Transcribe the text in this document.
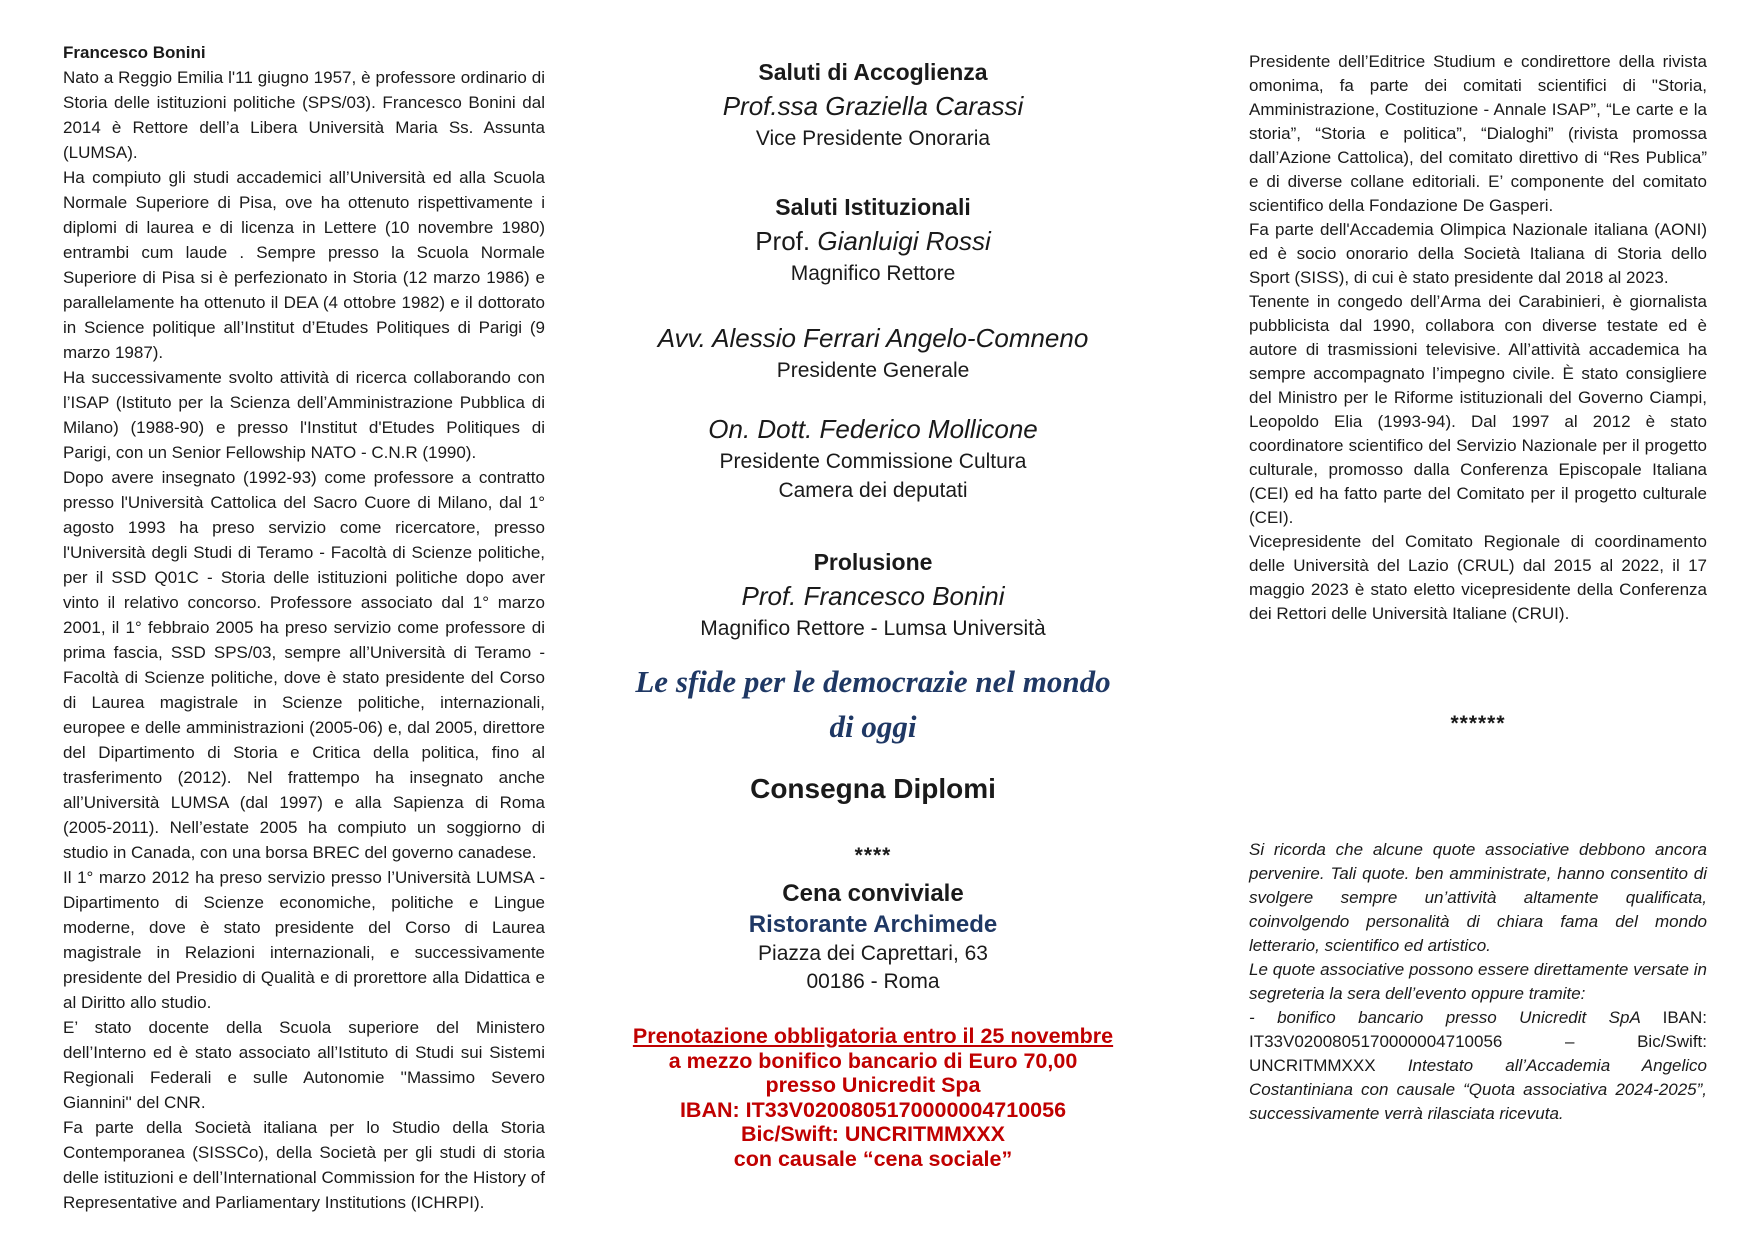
Francesco Bonini

Nato a Reggio Emilia l'11 giugno 1957, è professore ordinario di Storia delle istituzioni politiche (SPS/03). Francesco Bonini dal 2014 è Rettore dell’a Libera Università Maria Ss. Assunta (LUMSA).

Ha compiuto gli studi accademici all’Università ed alla Scuola Normale Superiore di Pisa, ove ha ottenuto rispettivamente i diplomi di laurea e di licenza in Lettere (10 novembre 1980) entrambi cum laude . Sempre presso la Scuola Normale Superiore di Pisa si è perfezionato in Storia (12 marzo 1986) e parallelamente ha ottenuto il DEA (4 ottobre 1982) e il dottorato in Science politique all’Institut d’Etudes Politiques di Parigi (9 marzo 1987).

Ha successivamente svolto attività di ricerca collaborando con l’ISAP (Istituto per la Scienza dell’Amministrazione Pubblica di Milano) (1988-90) e presso l'Institut d'Etudes Politiques di Parigi, con un Senior Fellowship NATO - C.N.R (1990).

Dopo avere insegnato (1992-93) come professore a contratto presso l'Università Cattolica del Sacro Cuore di Milano, dal 1° agosto 1993 ha preso servizio come ricercatore, presso l'Università degli Studi di Teramo - Facoltà di Scienze politiche, per il SSD Q01C - Storia delle istituzioni politiche dopo aver vinto il relativo concorso. Professore associato dal 1° marzo 2001, il 1° febbraio 2005 ha preso servizio come professore di prima fascia, SSD SPS/03, sempre all’Università di Teramo - Facoltà di Scienze politiche, dove è stato presidente del Corso di Laurea magistrale in Scienze politiche, internazionali, europee e delle amministrazioni (2005-06) e, dal 2005, direttore del Dipartimento di Storia e Critica della politica, fino al trasferimento (2012). Nel frattempo ha insegnato anche all’Università LUMSA (dal 1997) e alla Sapienza di Roma (2005-2011). Nell’estate 2005 ha compiuto un soggiorno di studio in Canada, con una borsa BREC del governo canadese.

Il 1° marzo 2012 ha preso servizio presso l’Università LUMSA - Dipartimento di Scienze economiche, politiche e Lingue moderne, dove è stato presidente del Corso di Laurea magistrale in Relazioni internazionali, e successivamente presidente del Presidio di Qualità e di prorettore alla Didattica e al Diritto allo studio.

E’ stato docente della Scuola superiore del Ministero dell’Interno ed è stato associato all’Istituto di Studi sui Sistemi Regionali Federali e sulle Autonomie ''Massimo Severo Giannini'' del CNR.

Fa parte della Società italiana per lo Studio della Storia Contemporanea (SISSCo), della Società per gli studi di storia delle istituzioni e dell’International Commission for the History of Representative and Parliamentary Institutions (ICHRPI).

Saluti di Accoglienza
Prof.ssa Graziella Carassi
Vice Presidente Onoraria
Saluti Istituzionali
Prof. Gianluigi Rossi
Magnifico Rettore
Avv. Alessio Ferrari Angelo-Comneno
Presidente Generale
On. Dott. Federico Mollicone
Presidente Commissione Cultura
Camera dei deputati
Prolusione
Prof. Francesco Bonini
Magnifico Rettore - Lumsa Università
Le sfide per le democrazie nel mondo
di oggi
Consegna Diplomi
****
Cena conviviale
Ristorante Archimede
Piazza dei Caprettari, 63
00186 - Roma
Prenotazione obbligatoria entro il 25 novembre
a mezzo bonifico bancario di Euro 70,00
presso Unicredit Spa
IBAN: IT33V0200805170000004710056
Bic/Swift: UNCRITMMXXX
con causale “cena sociale”

Presidente dell’Editrice Studium e condirettore della rivista omonima, fa parte dei comitati scientifici di "Storia, Amministrazione, Costituzione - Annale ISAP”, “Le carte e la storia”, “Storia e politica”, “Dialoghi” (rivista promossa dall’Azione Cattolica), del comitato direttivo di “Res Publica” e di diverse collane editoriali. E’ componente del comitato scientifico della Fondazione De Gasperi.

Fa parte dell'Accademia Olimpica Nazionale italiana (AONI) ed è socio onorario della Società Italiana di Storia dello Sport (SISS), di cui è stato presidente dal 2018 al 2023.

Tenente in congedo dell’Arma dei Carabinieri, è giornalista pubblicista dal 1990, collabora con diverse testate ed è autore di trasmissioni televisive. All’attività accademica ha sempre accompagnato l’impegno civile. È stato consigliere del Ministro per le Riforme istituzionali del Governo Ciampi, Leopoldo Elia (1993-94). Dal 1997 al 2012 è stato coordinatore scientifico del Servizio Nazionale per il progetto culturale, promosso dalla Conferenza Episcopale Italiana (CEI) ed ha fatto parte del Comitato per il progetto culturale (CEI).

Vicepresidente del Comitato Regionale di coordinamento delle Università del Lazio (CRUL) dal 2015 al 2022, il 17 maggio 2023 è stato eletto vicepresidente della Conferenza dei Rettori delle Università Italiane (CRUI).

******

Si ricorda che alcune quote associative debbono ancora pervenire. Tali quote. ben amministrate, hanno consentito di svolgere sempre un’attività altamente qualificata, coinvolgendo personalità di chiara fama del mondo letterario, scientifico ed artistico.

Le quote associative possono essere direttamente versate in segreteria la sera dell’evento oppure tramite:

- bonifico bancario presso Unicredit SpA IBAN: IT33V0200805170000004710056 – Bic/Swift: UNCRITMMXXX Intestato all’Accademia Angelico Costantiniana con causale “Quota associativa 2024-2025”, successivamente verrà rilasciata ricevuta.
